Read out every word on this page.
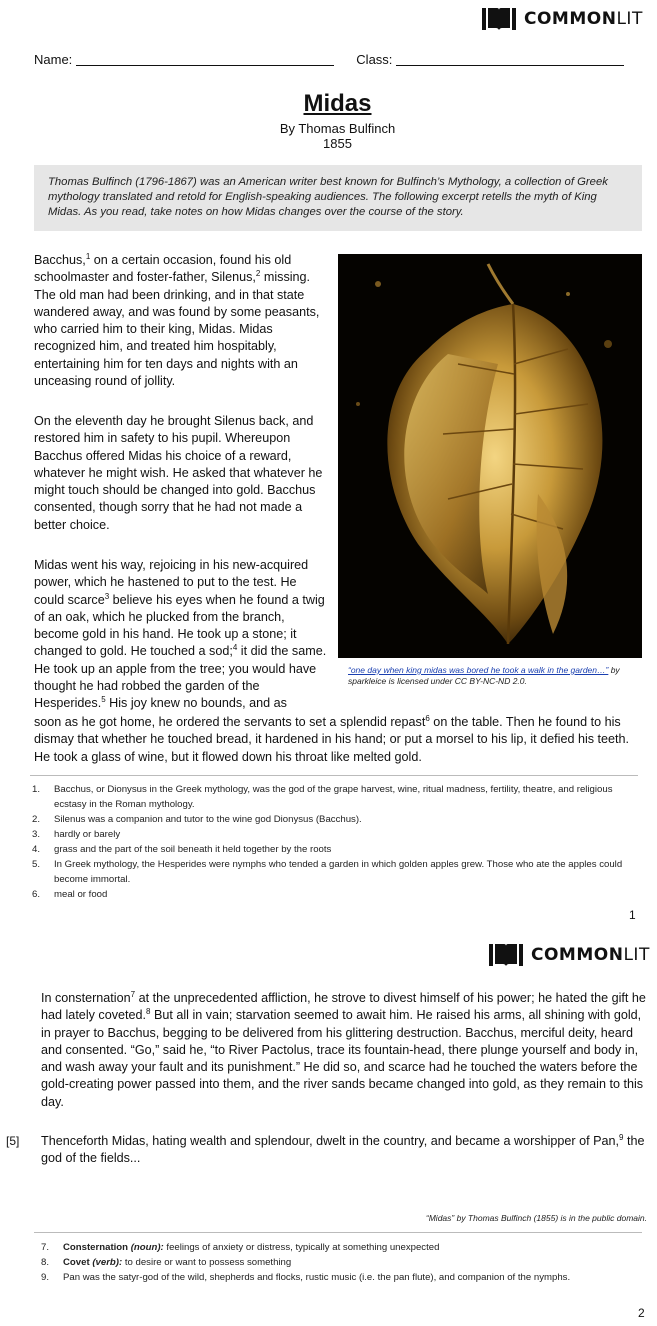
COMMONLIT
Name:	Class:
Midas
By Thomas Bulfinch
1855
Thomas Bulfinch (1796-1867) was an American writer best known for Bulfinch’s Mythology, a collection of Greek mythology translated and retold for English-speaking audiences. The following excerpt retells the myth of King Midas. As you read, take notes on how Midas changes over the course of the story.
Bacchus,$^1$ on a certain occasion, found his old schoolmaster and foster-father, Silenus,$^2$ missing. The old man had been drinking, and in that state wandered away, and was found by some peasants, who carried him to their king, Midas. Midas recognized him, and treated him hospitably, entertaining him for ten days and nights with an unceasing round of jollity.
On the eleventh day he brought Silenus back, and restored him in safety to his pupil. Whereupon Bacchus offered Midas his choice of a reward, whatever he might wish. He asked that whatever he might touch should be changed into gold. Bacchus consented, though sorry that he had not made a better choice.
Midas went his way, rejoicing in his new-acquired power, which he hastened to put to the test. He could scarce$^3$ believe his eyes when he found a twig of an oak, which he plucked from the branch, become gold in his hand. He took up a stone; it changed to gold. He touched a sod;$^4$ it did the same. He took up an apple from the tree; you would have thought he had robbed the garden of the Hesperides.$^5$ His joy knew no bounds, and as
soon as he got home, he ordered the servants to set a splendid repast$^6$ on the table. Then he found to his dismay that whether he touched bread, it hardened in his hand; or put a morsel to his lip, it defied his teeth. He took a glass of wine, but it flowed down his throat like melted gold.
“one day when king midas was bored he took a walk in the garden…” by sparkleice is licensed under CC BY-NC-ND 2.0.
1.	Bacchus, or Dionysus in the Greek mythology, was the god of the grape harvest, wine, ritual madness, fertility, theatre, and religious ecstasy in the Roman mythology.
2.	Silenus was a companion and tutor to the wine god Dionysus (Bacchus).
3.	hardly or barely
4.	grass and the part of the soil beneath it held together by the roots
5.	In Greek mythology, the Hesperides were nymphs who tended a garden in which golden apples grew. Those who ate the apples could become immortal.
6.	meal or food
1
COMMONLIT
In consternation$^7$ at the unprecedented affliction, he strove to divest himself of his power; he hated the gift he had lately coveted.$^8$ But all in vain; starvation seemed to await him. He raised his arms, all shining with gold, in prayer to Bacchus, begging to be delivered from his glittering destruction. Bacchus, merciful deity, heard and consented. “Go,” said he, “to River Pactolus, trace its fountain-head, there plunge yourself and body in, and wash away your fault and its punishment.” He did so, and scarce had he touched the waters before the gold-creating power passed into them, and the river sands became changed into gold, as they remain to this day.
[5] Thenceforth Midas, hating wealth and splendour, dwelt in the country, and became a worshipper of Pan,$^9$ the god of the fields...
“Midas” by Thomas Bulfinch (1855) is in the public domain.
7.	Consternation (noun): feelings of anxiety or distress, typically at something unexpected
8.	Covet (verb): to desire or want to possess something
9.	Pan was the satyr-god of the wild, shepherds and flocks, rustic music (i.e. the pan flute), and companion of the nymphs.
2
